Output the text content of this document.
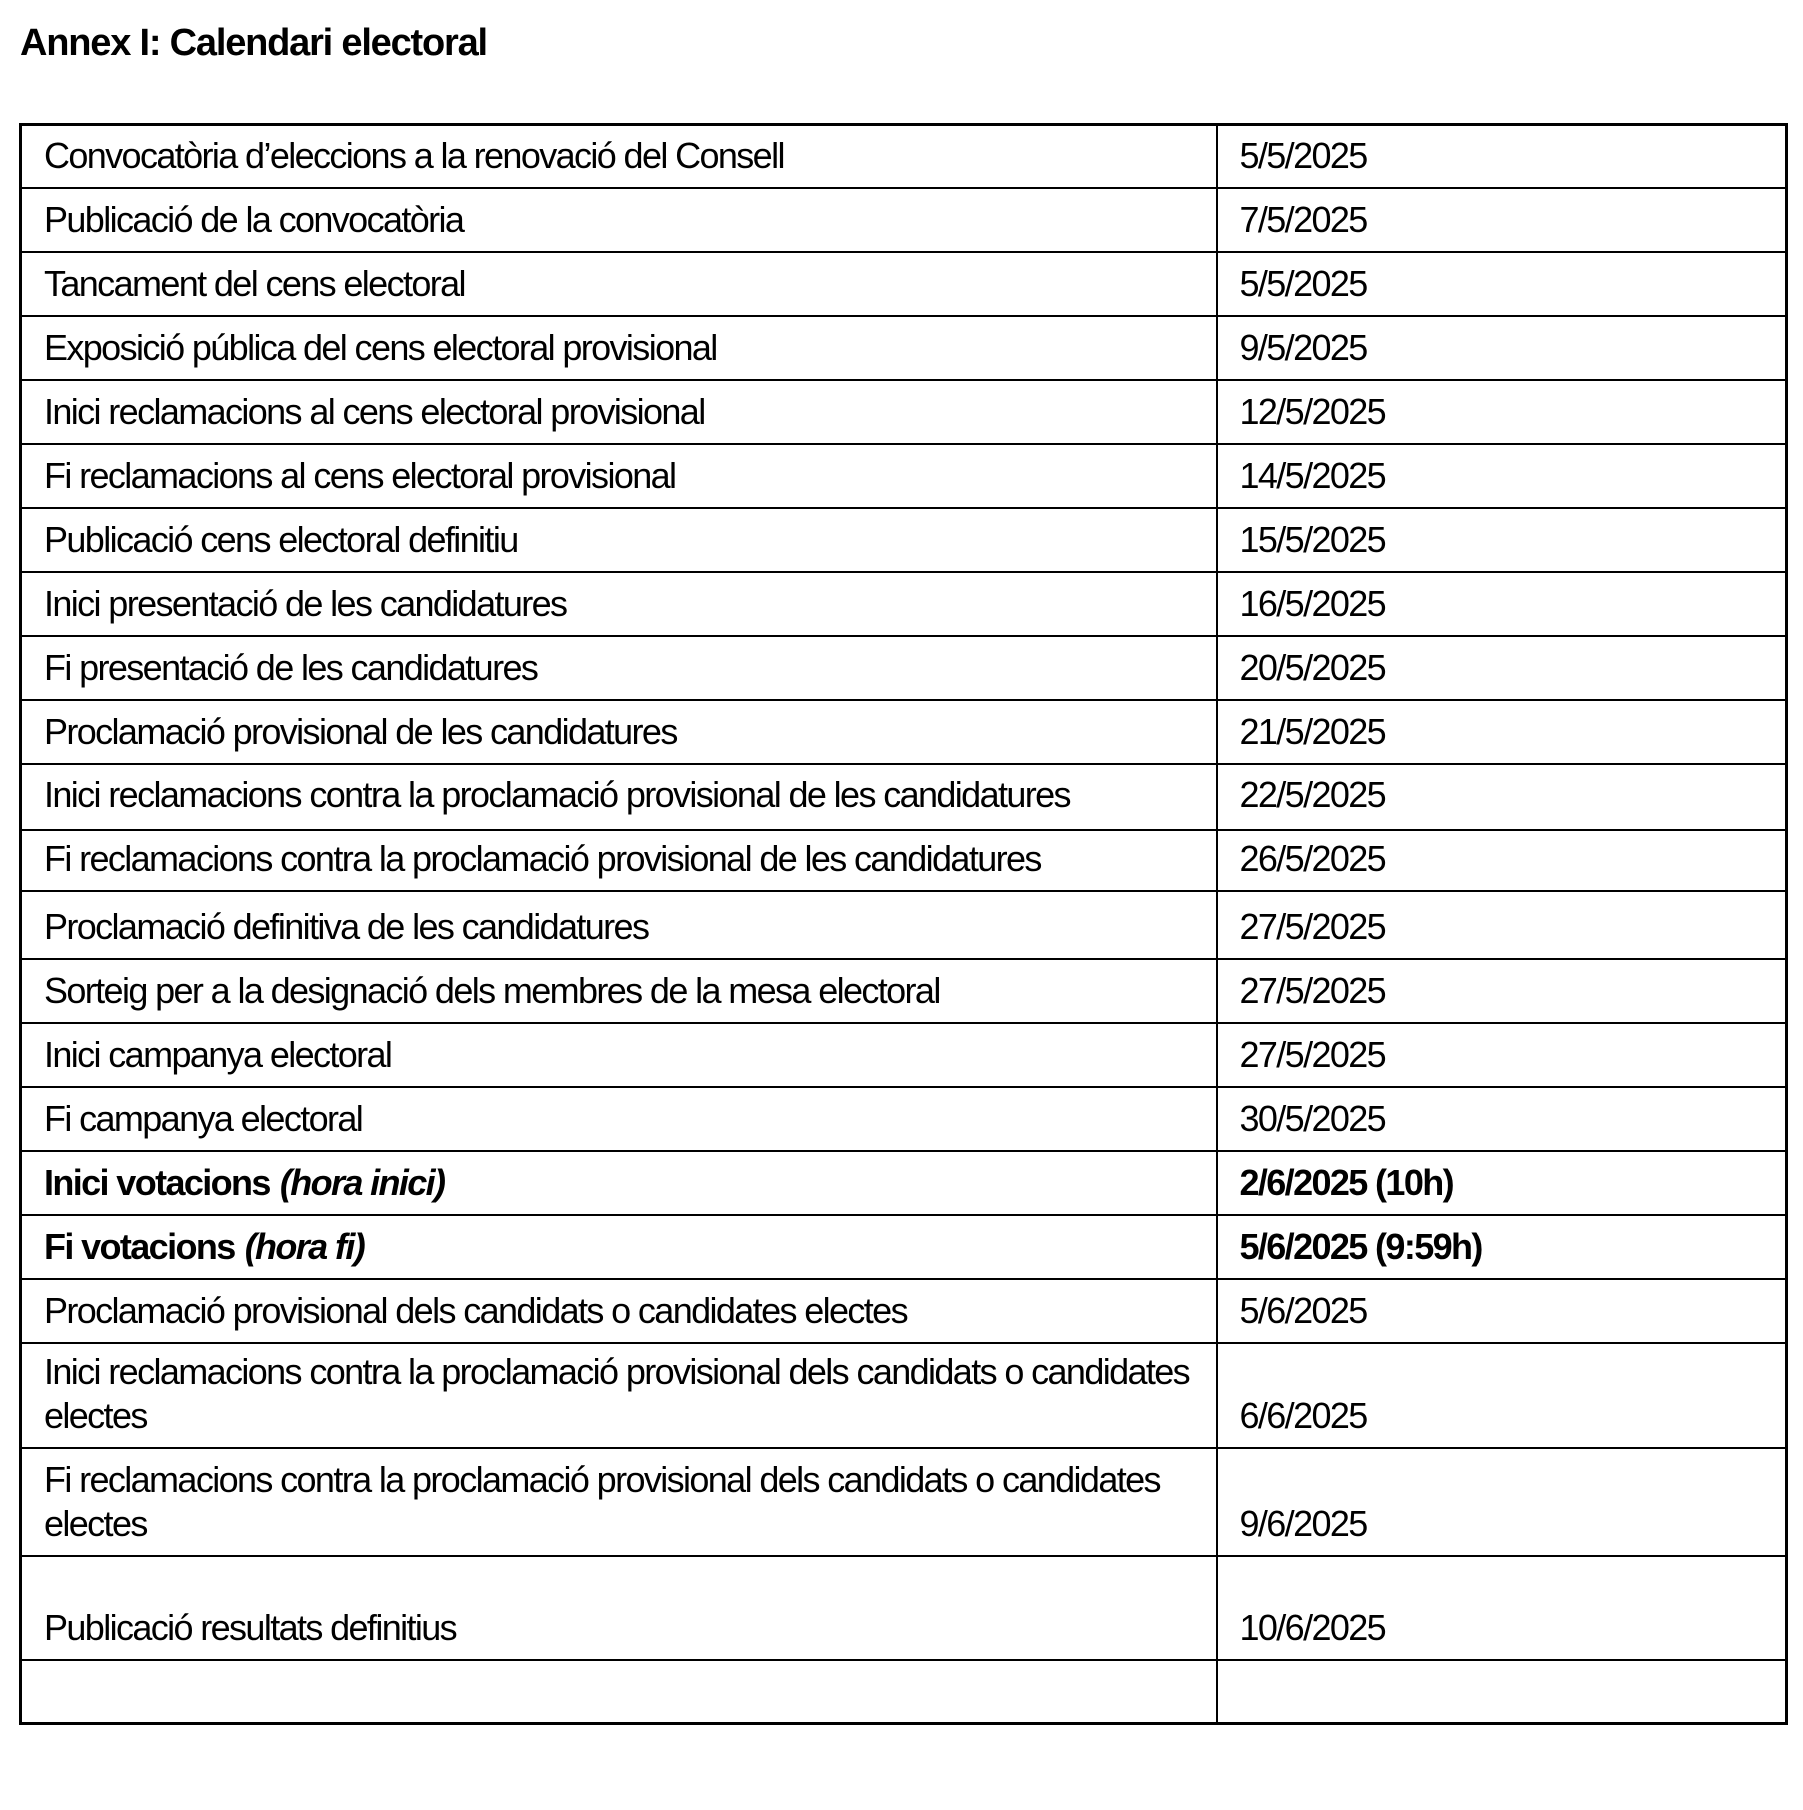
Annex I: Calendari electoral
Convocatòria d’eleccions a la renovació del Consell	5/5/2025
Publicació de la convocatòria	7/5/2025
Tancament del cens electoral	5/5/2025
Exposició pública del cens electoral provisional	9/5/2025
Inici reclamacions al cens electoral provisional	12/5/2025
Fi reclamacions al cens electoral provisional	14/5/2025
Publicació cens electoral definitiu	15/5/2025
Inici presentació de les candidatures	16/5/2025
Fi presentació de les candidatures	20/5/2025
Proclamació provisional de les candidatures	21/5/2025
Inici reclamacions contra la proclamació provisional de les candidatures	22/5/2025
Fi reclamacions contra la proclamació provisional de les candidatures	26/5/2025
Proclamació definitiva de les candidatures	27/5/2025
Sorteig per a la designació dels membres de la mesa electoral	27/5/2025
Inici campanya electoral	27/5/2025
Fi campanya electoral	30/5/2025
Inici votacions (hora inici)	2/6/2025 (10h)
Fi votacions (hora fi)	5/6/2025 (9:59h)
Proclamació provisional dels candidats o candidates electes	5/6/2025
Inici reclamacions contra la proclamació provisional dels candidats o candidates electes	6/6/2025
Fi reclamacions contra la proclamació provisional dels candidats o candidates electes	9/6/2025
Publicació resultats definitius	10/6/2025
